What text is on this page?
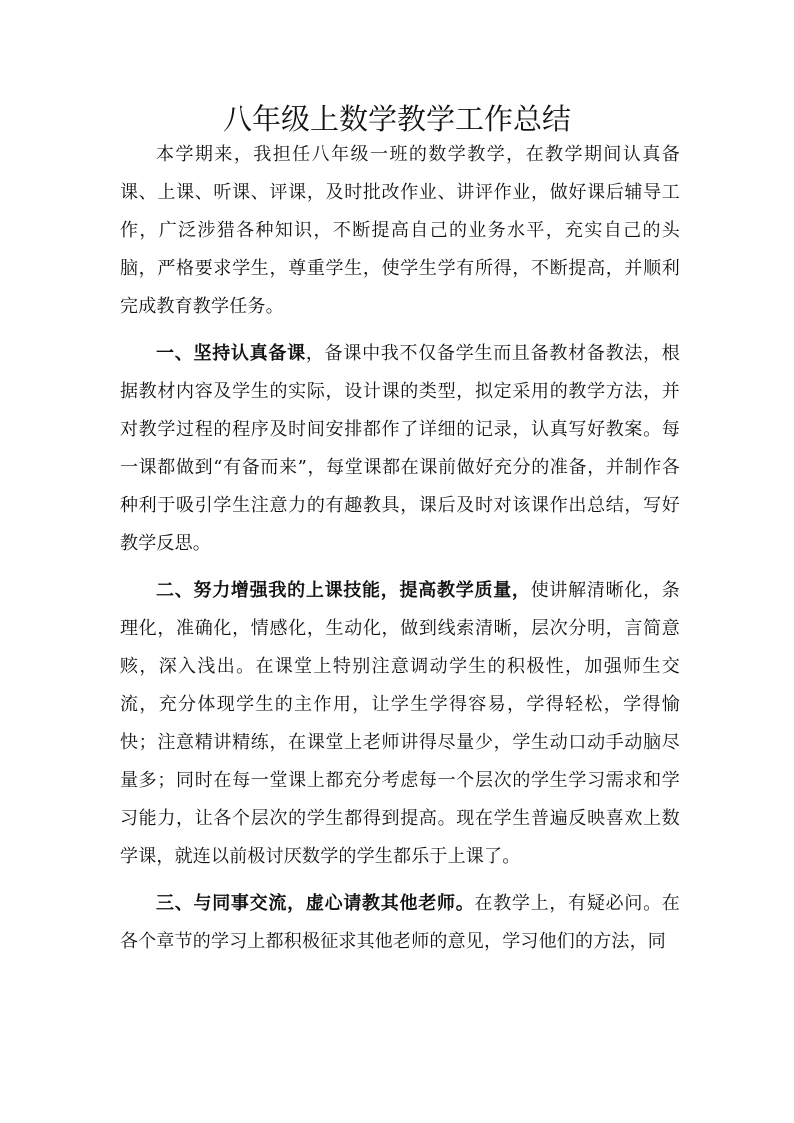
八年级上数学教学工作总结

本学期来，我担任八年级一班的数学教学，在教学期间认真备课、上课、听课、评课，及时批改作业、讲评作业，做好课后辅导工作，广泛涉猎各种知识，不断提高自己的业务水平，充实自己的头脑，严格要求学生，尊重学生，使学生学有所得，不断提高，并顺利完成教育教学任务。

一、坚持认真备课，备课中我不仅备学生而且备教材备教法，根据教材内容及学生的实际，设计课的类型，拟定采用的教学方法，并对教学过程的程序及时间安排都作了详细的记录，认真写好教案。每一课都做到“有备而来”，每堂课都在课前做好充分的准备，并制作各种利于吸引学生注意力的有趣教具，课后及时对该课作出总结，写好教学反思。

二、努力增强我的上课技能，提高教学质量，使讲解清晰化，条理化，准确化，情感化，生动化，做到线索清晰，层次分明，言简意赅，深入浅出。在课堂上特别注意调动学生的积极性，加强师生交流，充分体现学生的主作用，让学生学得容易，学得轻松，学得愉快；注意精讲精练，在课堂上老师讲得尽量少，学生动口动手动脑尽量多；同时在每一堂课上都充分考虑每一个层次的学生学习需求和学习能力，让各个层次的学生都得到提高。现在学生普遍反映喜欢上数学课，就连以前极讨厌数学的学生都乐于上课了。

三、与同事交流，虚心请教其他老师。在教学上，有疑必问。在各个章节的学习上都积极征求其他老师的意见，学习他们的方法，同
